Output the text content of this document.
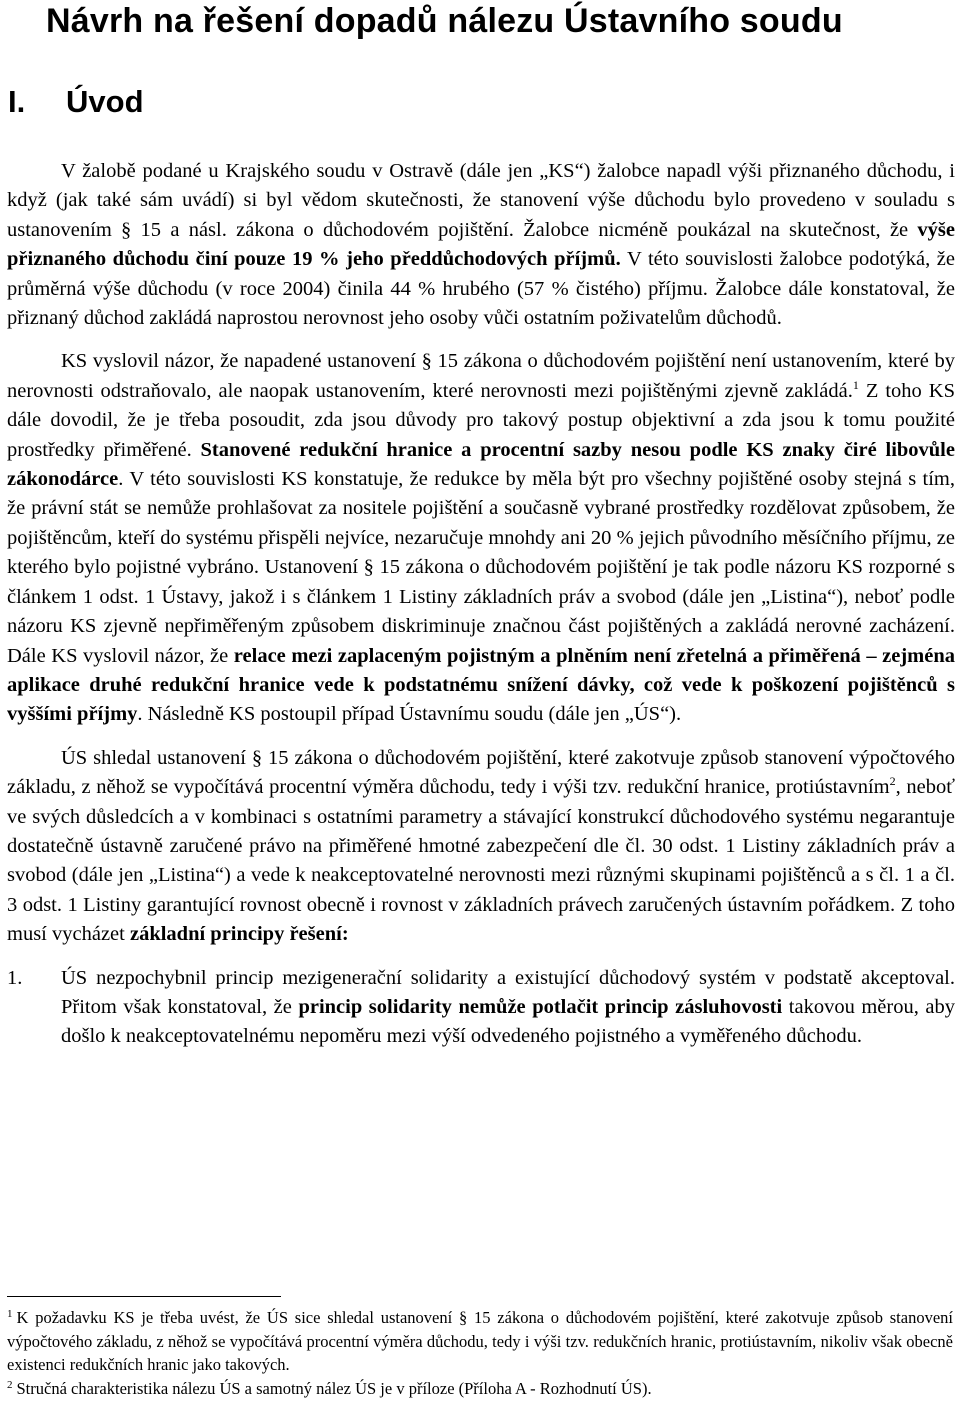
Návrh na řešení dopadů nálezu Ústavního soudu
I. Úvod

V žalobě podané u Krajského soudu v Ostravě (dále jen „KS“) žalobce napadl výši přiznaného důchodu, i když (jak také sám uvádí) si byl vědom skutečnosti, že stanovení výše důchodu bylo provedeno v souladu s ustanovením § 15 a násl. zákona o důchodovém pojištění. Žalobce nicméně poukázal na skutečnost, že výše přiznaného důchodu činí pouze 19 % jeho předdůchodových příjmů. V této souvislosti žalobce podotýká, že průměrná výše důchodu (v roce 2004) činila 44 % hrubého (57 % čistého) příjmu. Žalobce dále konstatoval, že přiznaný důchod zakládá naprostou nerovnost jeho osoby vůči ostatním poživatelům důchodů.

KS vyslovil názor, že napadené ustanovení § 15 zákona o důchodovém pojištění není ustanovením, které by nerovnosti odstraňovalo, ale naopak ustanovením, které nerovnosti mezi pojištěnými zjevně zakládá.$^1$ Z toho KS dále dovodil, že je třeba posoudit, zda jsou důvody pro takový postup objektivní a zda jsou k tomu použité prostředky přiměřené. Stanovené redukční hranice a procentní sazby nesou podle KS znaky čiré libovůle zákonodárce. V této souvislosti KS konstatuje, že redukce by měla být pro všechny pojištěné osoby stejná s tím, že právní stát se nemůže prohlašovat za nositele pojištění a současně vybrané prostředky rozdělovat způsobem, že pojištěncům, kteří do systému přispěli nejvíce, nezaručuje mnohdy ani 20 % jejich původního měsíčního příjmu, ze kterého bylo pojistné vybráno. Ustanovení § 15 zákona o důchodovém pojištění je tak podle názoru KS rozporné s článkem 1 odst. 1 Ústavy, jakož i s článkem 1 Listiny základních práv a svobod (dále jen „Listina“), neboť podle názoru KS zjevně nepřiměřeným způsobem diskriminuje značnou část pojištěných a zakládá nerovné zacházení. Dále KS vyslovil názor, že relace mezi zaplaceným pojistným a plněním není zřetelná a přiměřená – zejména aplikace druhé redukční hranice vede k podstatnému snížení dávky, což vede k poškození pojištěnců s vyššími příjmy. Následně KS postoupil případ Ústavnímu soudu (dále jen „ÚS“).

ÚS shledal ustanovení § 15 zákona o důchodovém pojištění, které zakotvuje způsob stanovení výpočtového základu, z něhož se vypočítává procentní výměra důchodu, tedy i výši tzv. redukční hranice, protiústavním$^2$, neboť ve svých důsledcích a v kombinaci s ostatními parametry a stávající konstrukcí důchodového systému negarantuje dostatečně ústavně zaručené právo na přiměřené hmotné zabezpečení dle čl. 30 odst. 1 Listiny základních práv a svobod (dále jen „Listina“) a vede k neakceptovatelné nerovnosti mezi různými skupinami pojištěnců a s čl. 1 a čl. 3 odst. 1 Listiny garantující rovnost obecně i rovnost v základních právech zaručených ústavním pořádkem. Z toho musí vycházet základní principy řešení:

1.	ÚS nezpochybnil princip mezigenerační solidarity a existující důchodový systém v podstatě akceptoval. Přitom však konstatoval, že princip solidarity nemůže potlačit princip zásluhovosti takovou měrou, aby došlo k neakceptovatelnému nepoměru mezi výší odvedeného pojistného a vyměřeného důchodu.

$^1$ K požadavku KS je třeba uvést, že ÚS sice shledal ustanovení § 15 zákona o důchodovém pojištění, které zakotvuje způsob stanovení výpočtového základu, z něhož se vypočítává procentní výměra důchodu, tedy i výši tzv. redukčních hranic, protiústavním, nikoliv však obecně existenci redukčních hranic jako takových.

$^2$ Stručná charakteristika nálezu ÚS a samotný nález ÚS je v příloze (Příloha A - Rozhodnutí ÚS).
